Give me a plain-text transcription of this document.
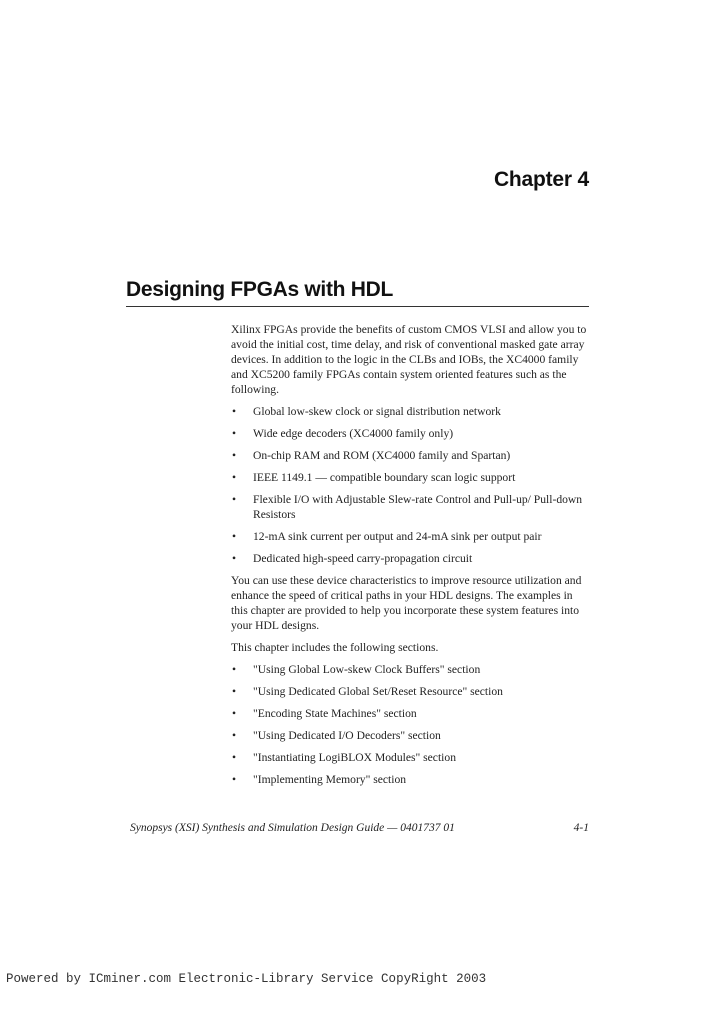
Chapter 4
Designing FPGAs with HDL

Xilinx FPGAs provide the benefits of custom CMOS VLSI and allow you to avoid the initial cost, time delay, and risk of conventional masked gate array devices. In addition to the logic in the CLBs and IOBs, the XC4000 family and XC5200 family FPGAs contain system oriented features such as the following.

• Global low-skew clock or signal distribution network
• Wide edge decoders (XC4000 family only)
• On-chip RAM and ROM (XC4000 family and Spartan)
• IEEE 1149.1 — compatible boundary scan logic support
• Flexible I/O with Adjustable Slew-rate Control and Pull-up/ Pull-down Resistors
• 12-mA sink current per output and 24-mA sink per output pair
• Dedicated high-speed carry-propagation circuit

You can use these device characteristics to improve resource utilization and enhance the speed of critical paths in your HDL designs. The examples in this chapter are provided to help you incorporate these system features into your HDL designs.

This chapter includes the following sections.

• "Using Global Low-skew Clock Buffers" section
• "Using Dedicated Global Set/Reset Resource" section
• "Encoding State Machines" section
• "Using Dedicated I/O Decoders" section
• "Instantiating LogiBLOX Modules" section
• "Implementing Memory" section
Synopsys (XSI) Synthesis and Simulation Design Guide — 0401737 01	4-1
Powered by ICminer.com Electronic-Library Service CopyRight 2003
